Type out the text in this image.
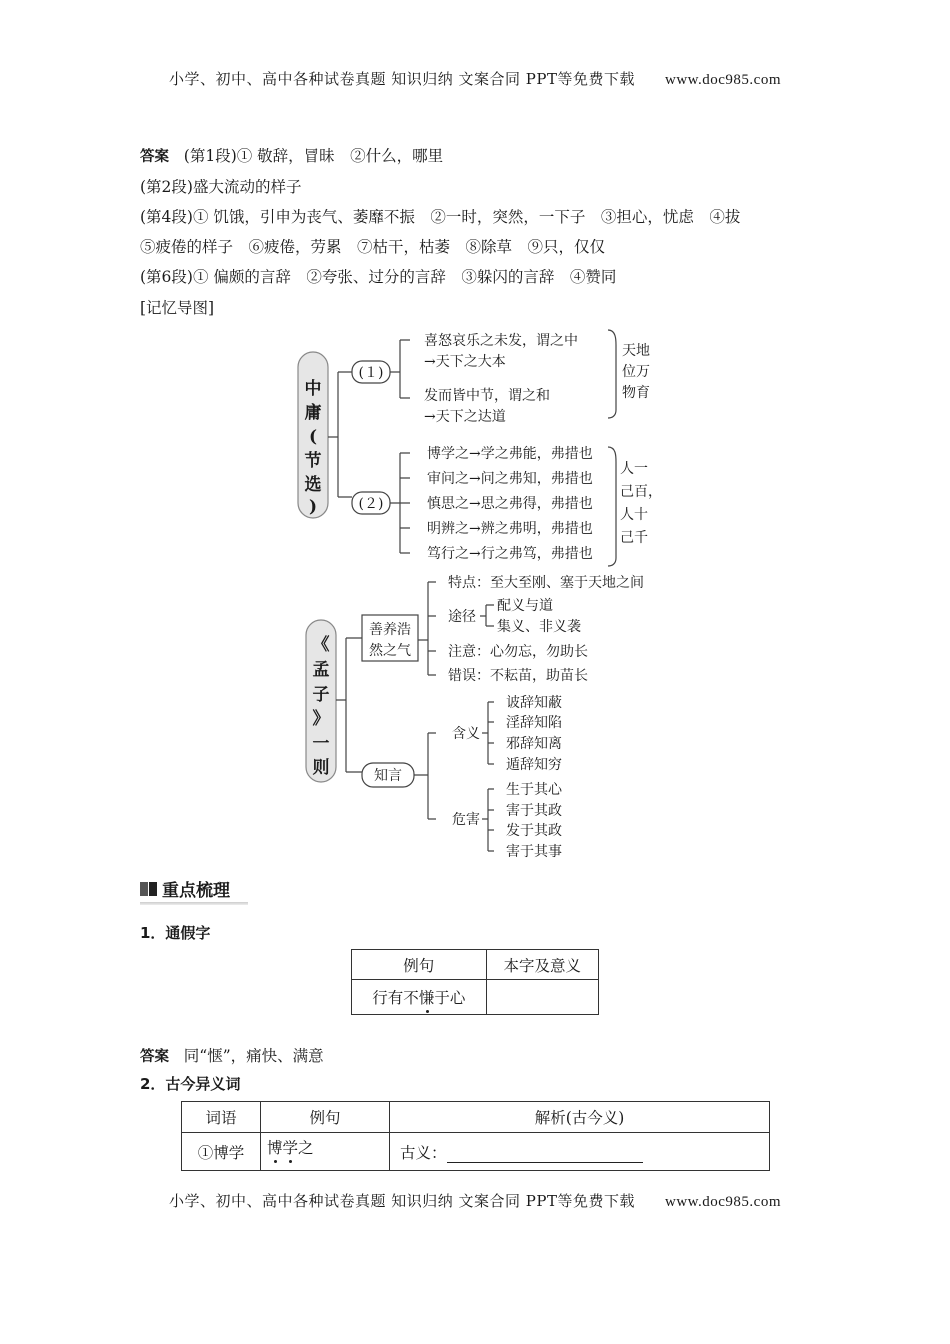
小学、初中、高中各种试卷真题 知识归纳 文案合同 PPT等免费下载 www.doc985.com
答案 (第1段)① 敬辞，冒昧　②什么，哪里
(第2段)盛大流动的样子
(第4段)① 饥饿，引申为丧气、萎靡不振　②一时，突然，一下子　③担心，忧虑　④拔
⑤疲倦的样子　⑥疲倦，劳累　⑦枯干，枯萎　⑧除草　⑨只，仅仅
(第6段)① 偏颇的言辞　②夸张、过分的言辞　③躲闪的言辞　④赞同
[记忆导图]
中
庸
(
节
选
)
《
孟
子
》
一
则
(１)
(２)
喜怒哀乐之未发，谓之中
→天下之大本
发而皆中节，谓之和
→天下之达道
天地
位万
物育
博学之→学之弗能，弗措也
审问之→问之弗知，弗措也
慎思之→思之弗得，弗措也
明辨之→辨之弗明，弗措也
笃行之→行之弗笃，弗措也
人一
己百，
人十
己千
善养浩
然之气
特点：至大至刚、塞于天地之间
途径
注意：心勿忘，勿助长
错误：不耘苗，助苗长
配义与道
集义、非义袭
知言
含义
危害
诐辞知蔽
淫辞知陷
邪辞知离
遁辞知穷
生于其心
害于其政
发于其政
害于其事
重点梳理
1．通假字
例句	本字及意义
行有不慊于心	
答案 同“惬”，痛快、满意
2．古今异义词
词语	例句	解析(古今义)
①博学	博学之	古义：
小学、初中、高中各种试卷真题 知识归纳 文案合同 PPT等免费下载 www.doc985.com
